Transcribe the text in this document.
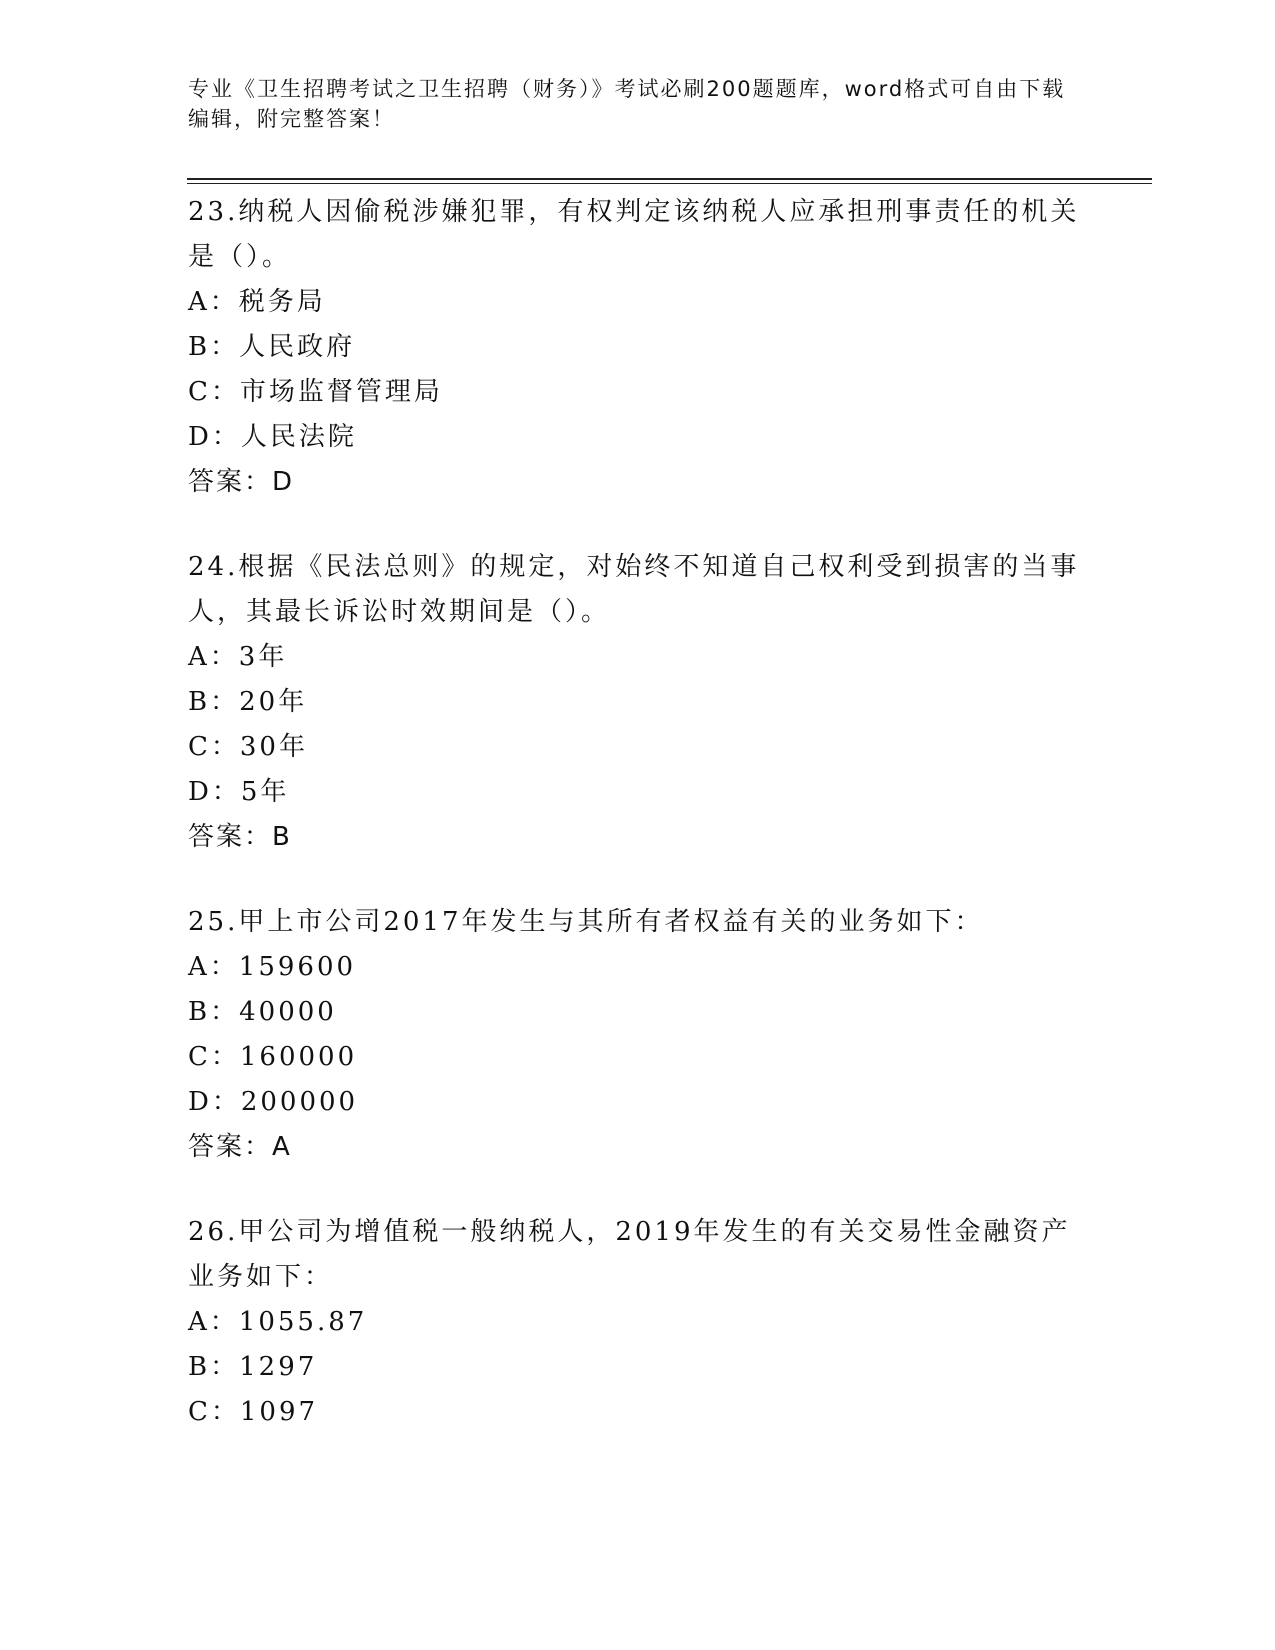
专业《卫生招聘考试之卫生招聘（财务）》考试必刷200题题库，word格式可自由下载编辑，附完整答案！

23.纳税人因偷税涉嫌犯罪，有权判定该纳税人应承担刑事责任的机关是（）。

A：税务局
B：人民政府
C：市场监督管理局
D：人民法院
答案：D

24.根据《民法总则》的规定，对始终不知道自己权利受到损害的当事人，其最长诉讼时效期间是（）。

A：3年
B：20年
C：30年
D：5年
答案：B

25.甲上市公司2017年发生与其所有者权益有关的业务如下：

A：159600
B：40000
C：160000
D：200000
答案：A

26.甲公司为增值税一般纳税人，2019年发生的有关交易性金融资产业务如下：

A：1055.87
B：1297
C：1097
